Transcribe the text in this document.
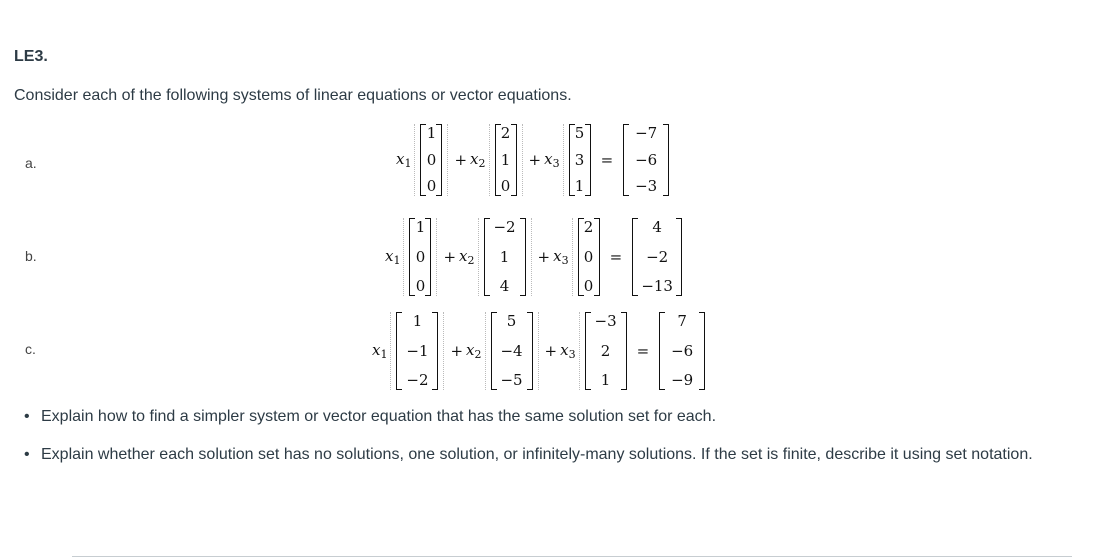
LE3.
Consider each of the following systems of linear equations or vector equations.
a.	$x_1$
1
0
0
+ $x_2$
2
1
0
+ $x_3$
5
3
1
=
−7
−6
−3
b.	$x_1$
1
0
0
+ $x_2$
−2
1
4
+ $x_3$
2
0
0
=
4
−2
−13
c.	$x_1$
1
−1
−2
+ $x_2$
5
−4
−5
+ $x_3$
−3
2
1
=
7
−6
−9
• Explain how to find a simpler system or vector equation that has the same solution set for each.
• Explain whether each solution set has no solutions, one solution, or infinitely-many solutions. If the set is finite, describe it using set notation.
